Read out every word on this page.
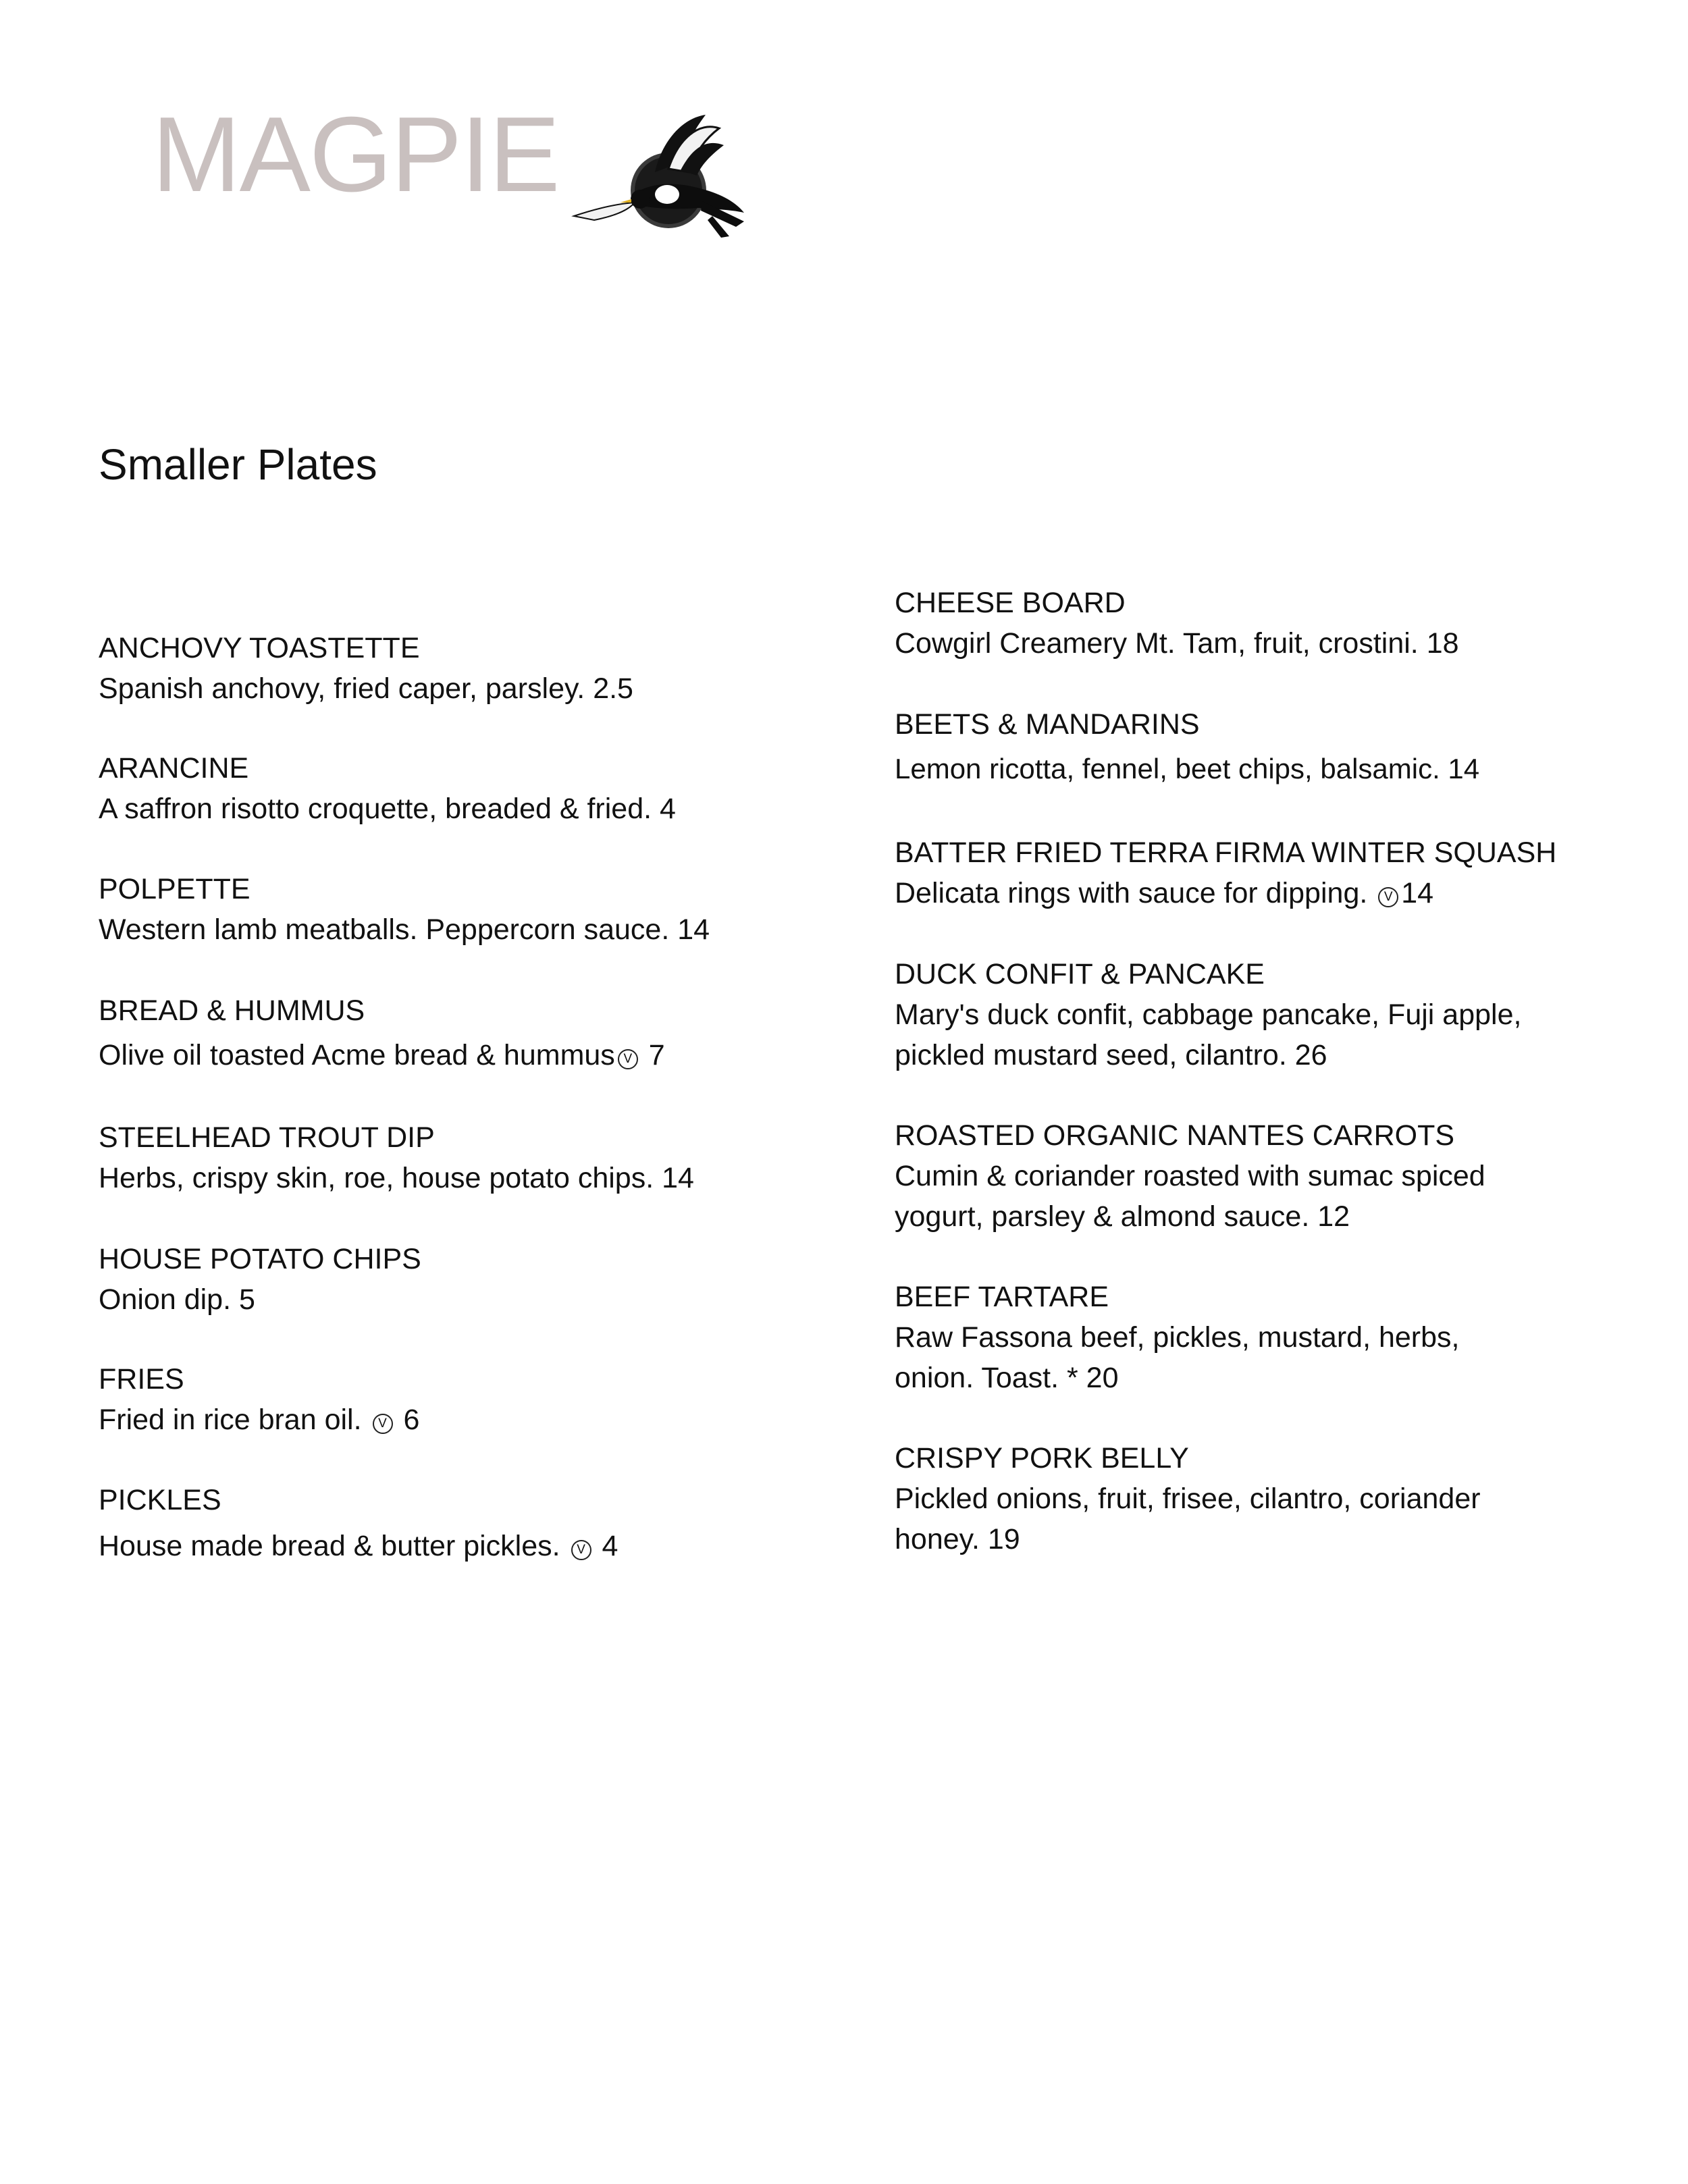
MAGPIE
Smaller Plates
ANCHOVY TOASTETTE
Spanish anchovy, fried caper, parsley. 2.5
ARANCINE
A saffron risotto croquette, breaded & fried. 4
POLPETTE
Western lamb meatballs. Peppercorn sauce. 14
BREAD & HUMMUS
Olive oil toasted Acme bread & hummus V 7
STEELHEAD TROUT DIP
Herbs, crispy skin, roe, house potato chips. 14
HOUSE POTATO CHIPS
Onion dip. 5
FRIES
Fried in rice bran oil. V 6
PICKLES
House made bread & butter pickles. V 4
CHEESE BOARD
Cowgirl Creamery Mt. Tam, fruit, crostini. 18
BEETS & MANDARINS
Lemon ricotta, fennel, beet chips, balsamic. 14
BATTER FRIED TERRA FIRMA WINTER SQUASH
Delicata rings with sauce for dipping. V 14
DUCK CONFIT & PANCAKE
Mary's duck confit, cabbage pancake, Fuji apple, pickled mustard seed, cilantro. 26
ROASTED ORGANIC NANTES CARROTS
Cumin & coriander roasted with sumac spiced yogurt, parsley & almond sauce. 12
BEEF TARTARE
Raw Fassona beef, pickles, mustard, herbs, onion. Toast. * 20
CRISPY PORK BELLY
Pickled onions, fruit, frisee, cilantro, coriander honey. 19
